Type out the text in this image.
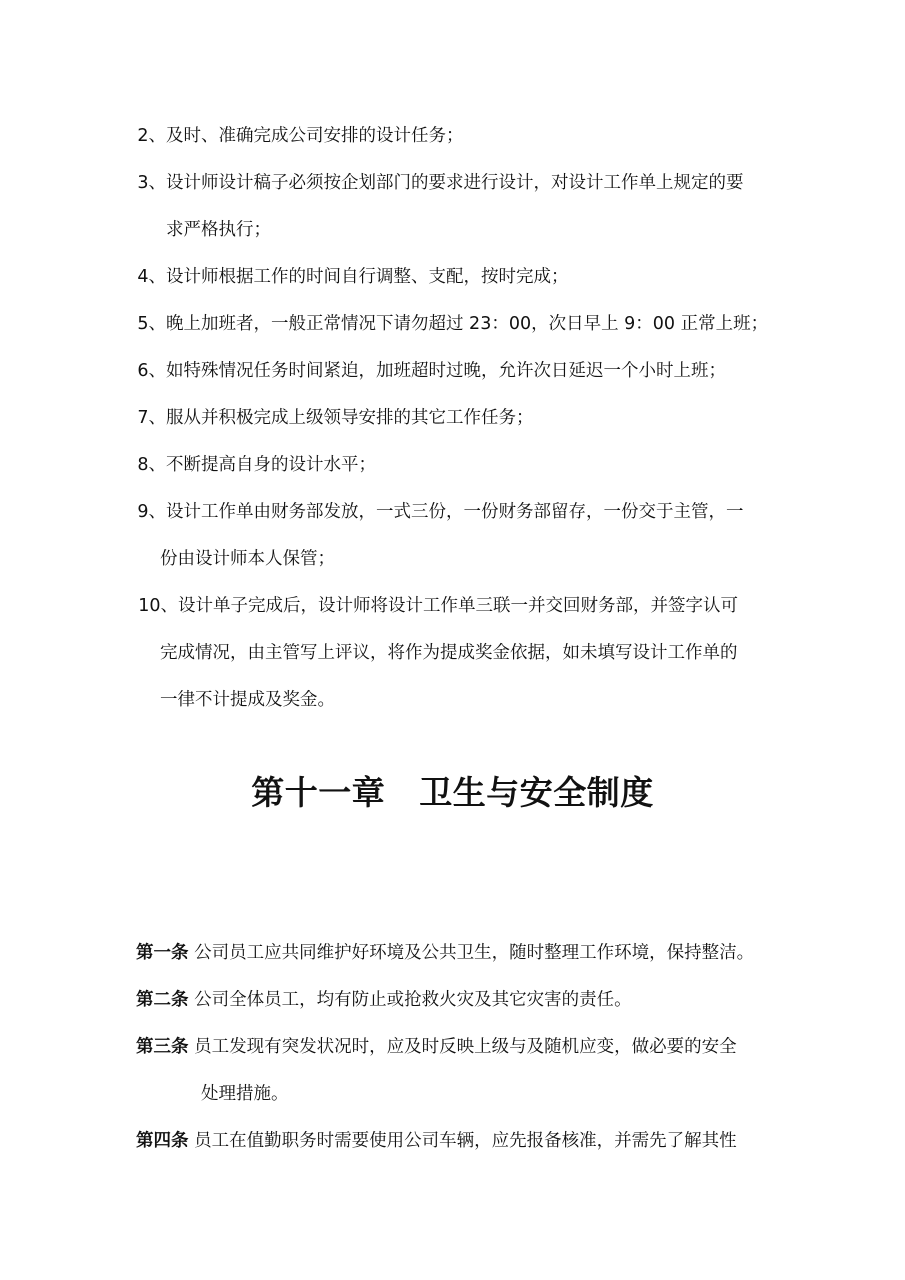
2、及时、准确完成公司安排的设计任务；
3、设计师设计稿子必须按企划部门的要求进行设计，对设计工作单上规定的要
求严格执行；
4、设计师根据工作的时间自行调整、支配，按时完成；
5、晚上加班者，一般正常情况下请勿超过 23：00，次日早上 9：00 正常上班；
6、如特殊情况任务时间紧迫，加班超时过晚，允许次日延迟一个小时上班；
7、服从并积极完成上级领导安排的其它工作任务；
8、不断提高自身的设计水平；
9、设计工作单由财务部发放，一式三份，一份财务部留存，一份交于主管，一
份由设计师本人保管；
10、设计单子完成后，设计师将设计工作单三联一并交回财务部，并签字认可
完成情况，由主管写上评议，将作为提成奖金依据，如未填写设计工作单的
一律不计提成及奖金。
第十一章 卫生与安全制度
第一条 公司员工应共同维护好环境及公共卫生，随时整理工作环境，保持整洁。
第二条 公司全体员工，均有防止或抢救火灾及其它灾害的责任。
第三条 员工发现有突发状况时，应及时反映上级与及随机应变，做必要的安全
处理措施。
第四条 员工在值勤职务时需要使用公司车辆，应先报备核准，并需先了解其性
